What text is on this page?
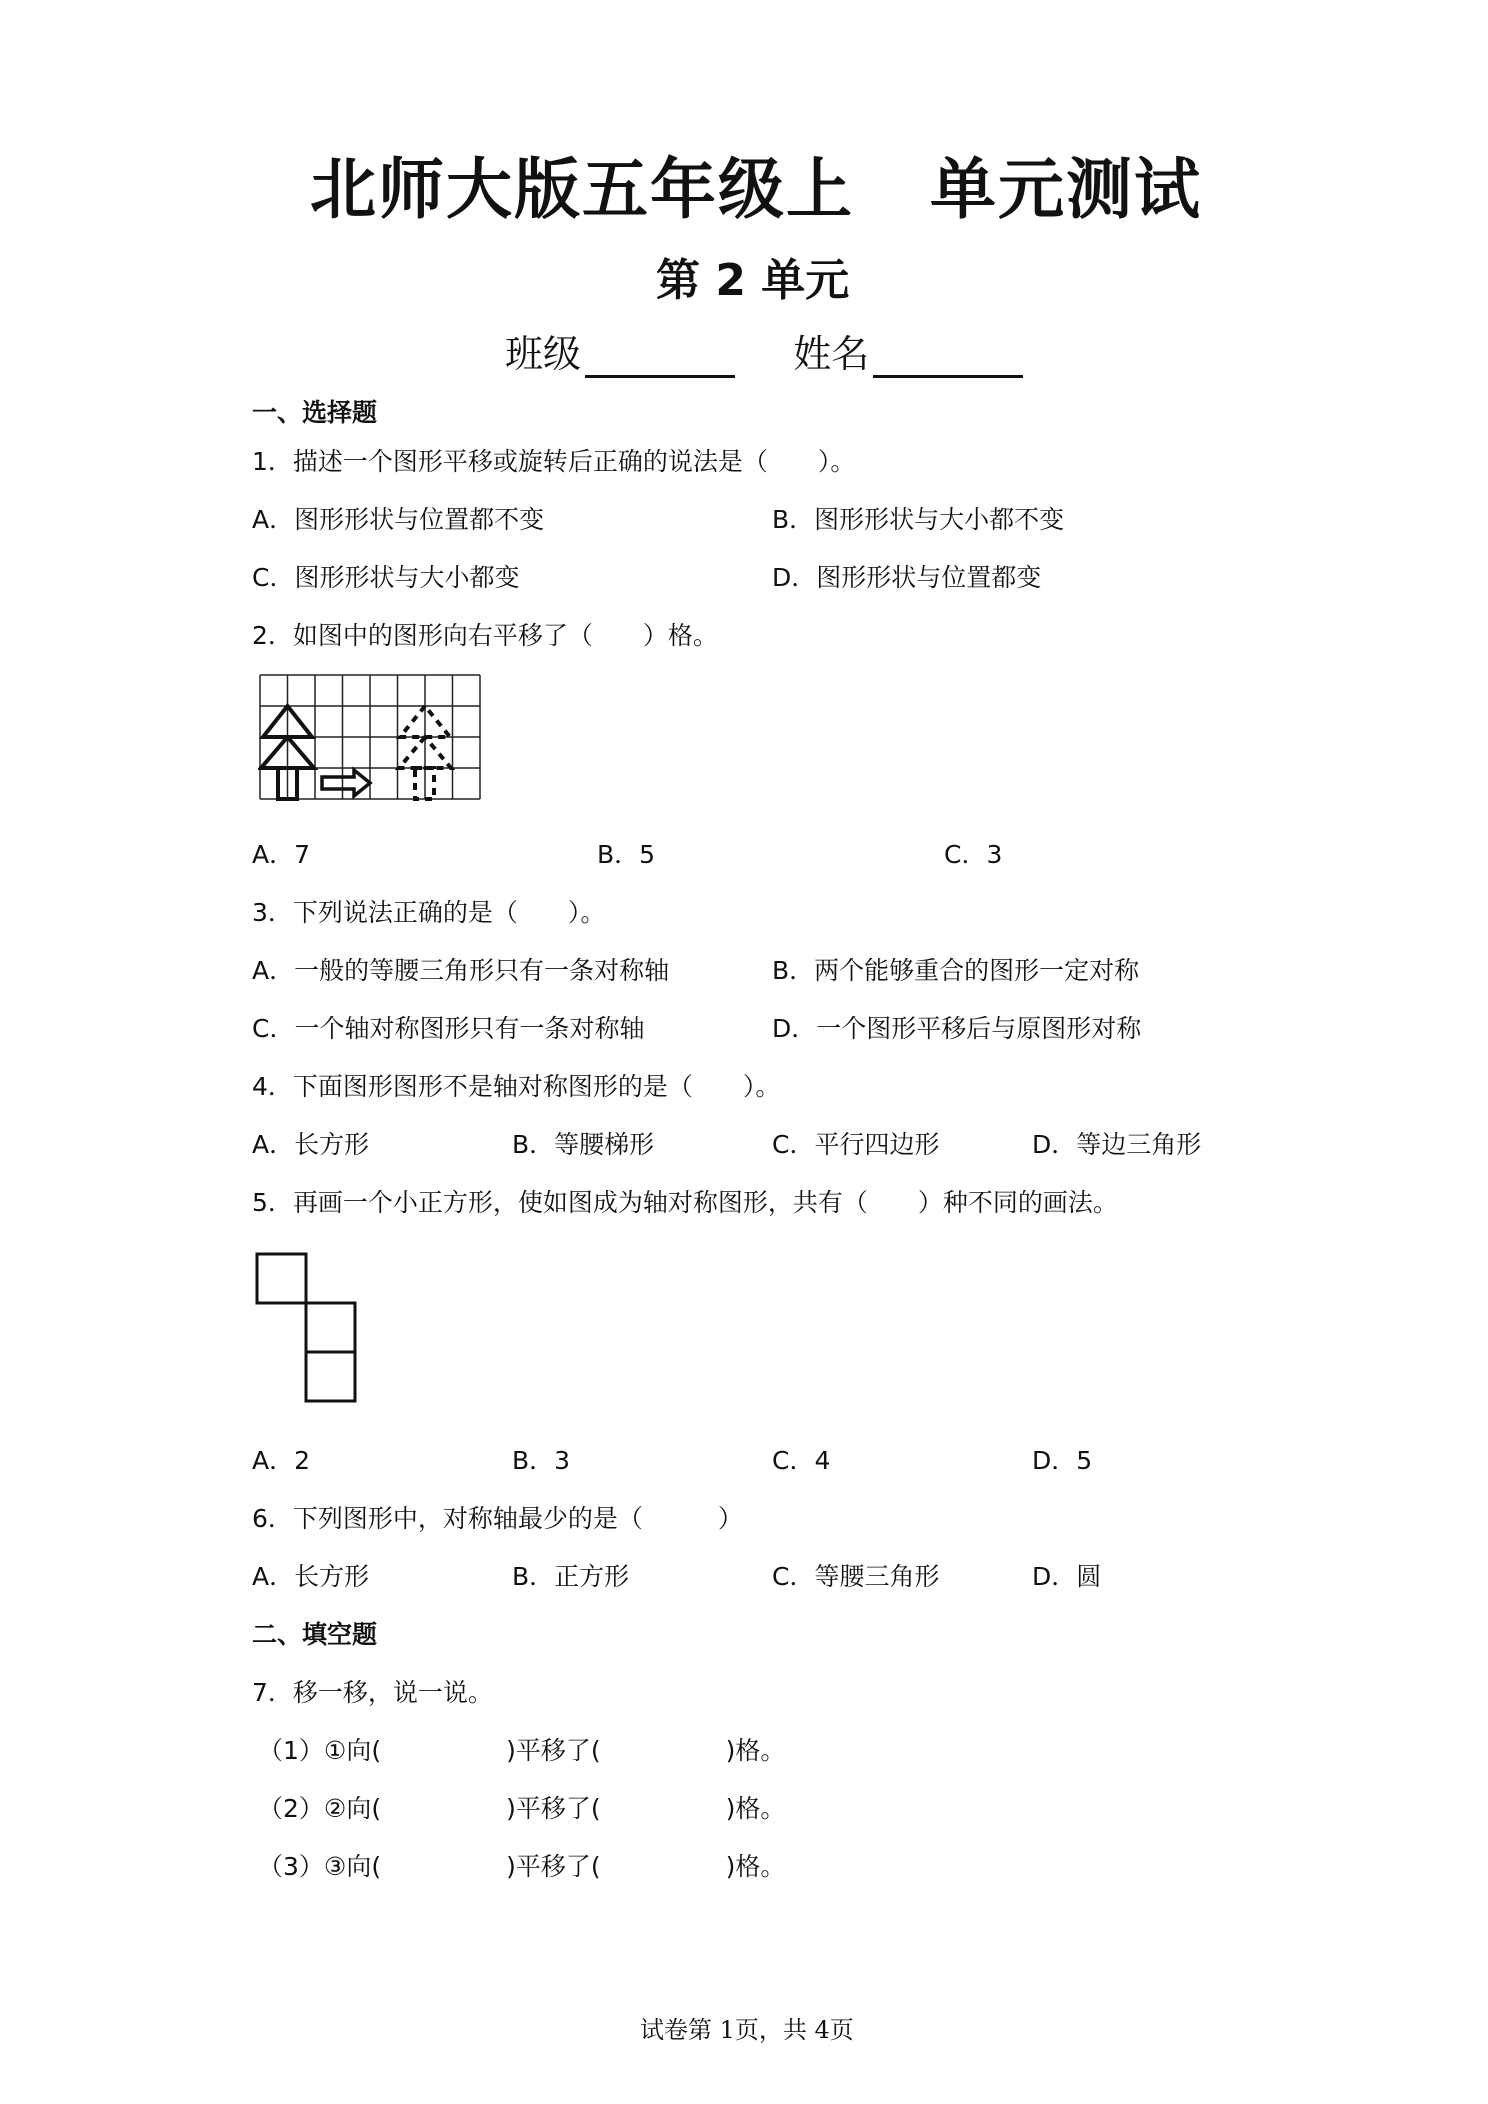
北师大版五年级上 单元测试
第 2 单元
班级	姓名
一、选择题
1．描述一个图形平移或旋转后正确的说法是（　　）。
A．图形形状与位置都不变	B．图形形状与大小都不变
C．图形形状与大小都变	D．图形形状与位置都变
2．如图中的图形向右平移了（　　）格。
A．7	B．5	C．3
3．下列说法正确的是（　　）。
A．一般的等腰三角形只有一条对称轴	B．两个能够重合的图形一定对称
C．一个轴对称图形只有一条对称轴	D．一个图形平移后与原图形对称
4．下面图形图形不是轴对称图形的是（　　）。
A．长方形	B．等腰梯形	C．平行四边形	D．等边三角形
5．再画一个小正方形，使如图成为轴对称图形，共有（　　）种不同的画法。
A．2	B．3	C．4	D．5
6．下列图形中，对称轴最少的是（　　　）
A．长方形	B．正方形	C．等腰三角形	D．圆
二、填空题
7．移一移，说一说。
（1）①向(　　　　　)平移了(　　　　　)格。
（2）②向(　　　　　)平移了(　　　　　)格。
（3）③向(　　　　　)平移了(　　　　　)格。
试卷第 1页，共 4页
